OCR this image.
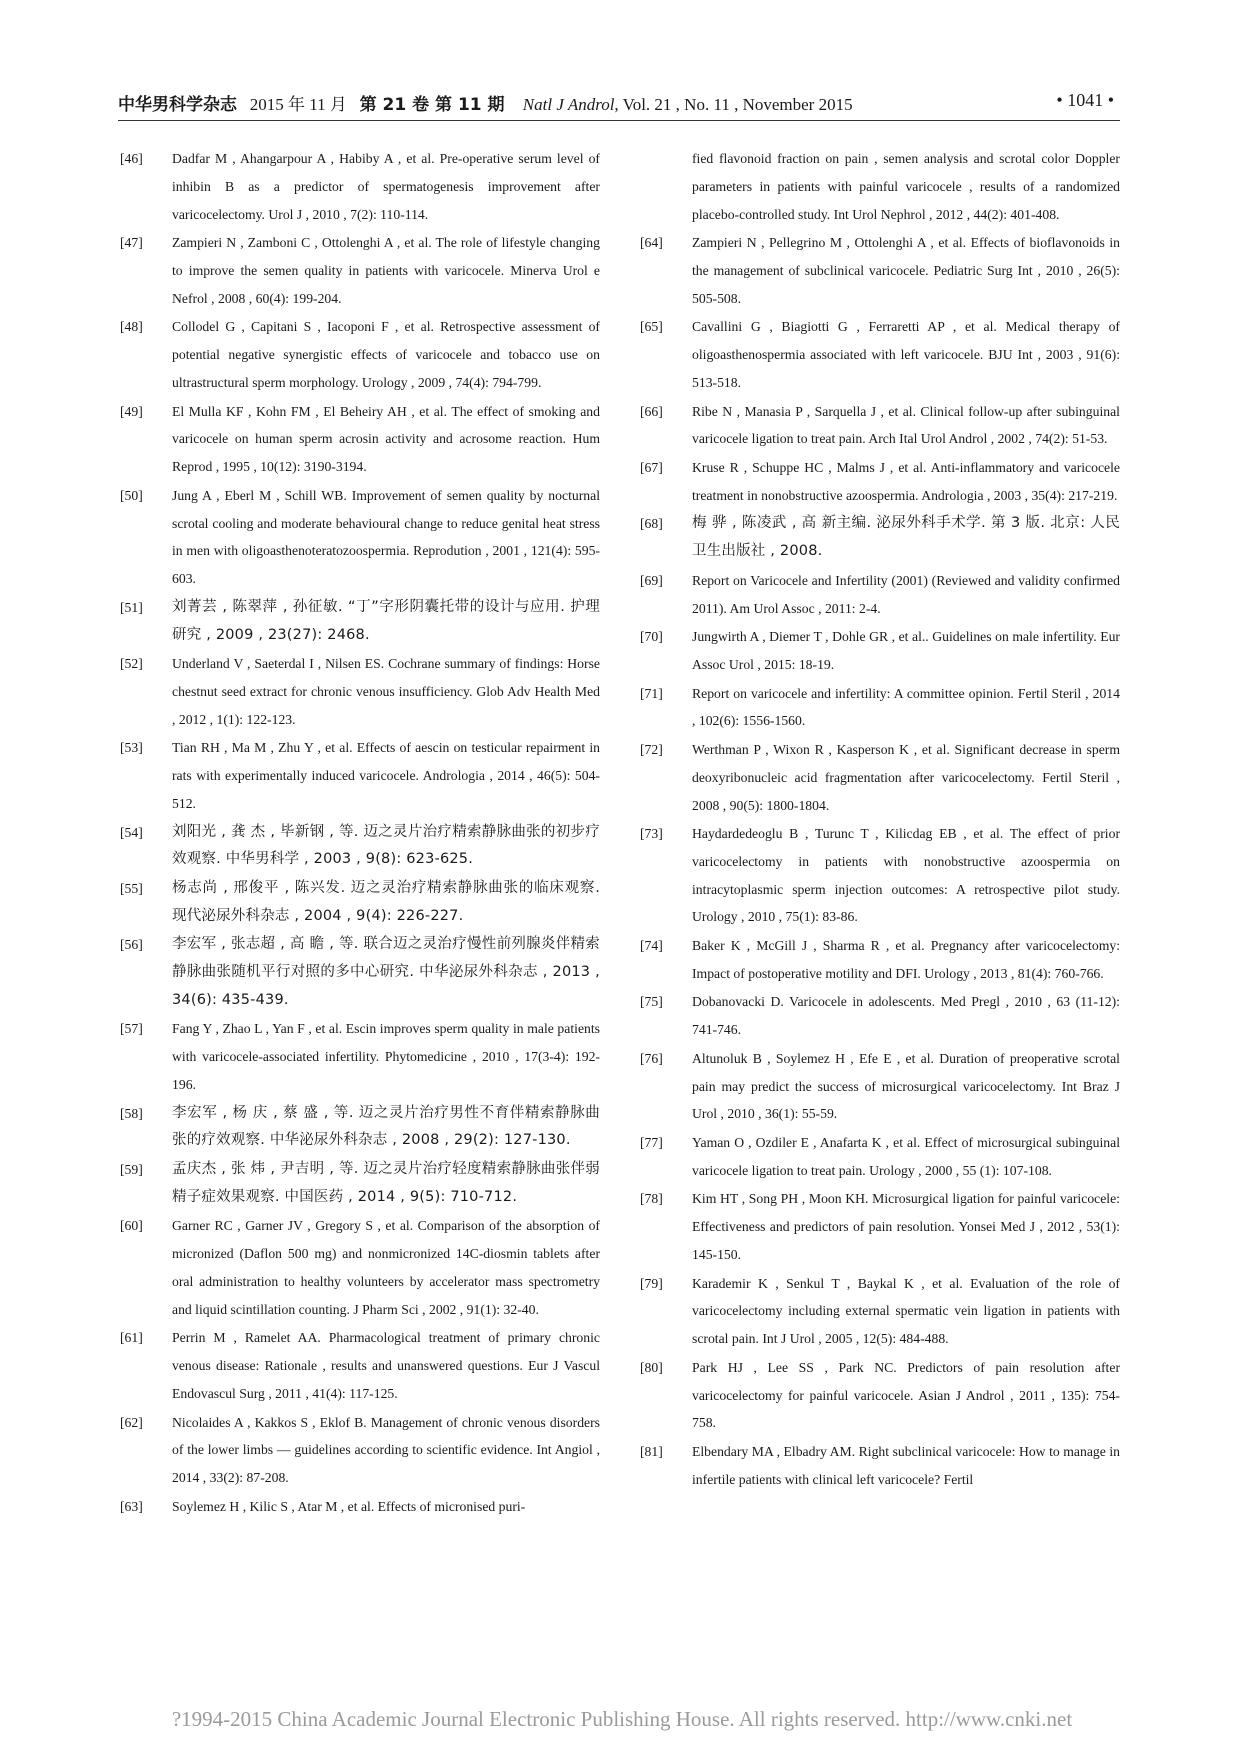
中华男科学杂志 2015 年 11 月 第 21 卷 第 11 期 Natl J Androl, Vol. 21 , No. 11 , November 2015	• 1041 •
[46] Dadfar M , Ahangarpour A , Habiby A , et al. Pre-operative serum level of inhibin B as a predictor of spermatogenesis improvement after varicocelectomy. Urol J , 2010 , 7(2): 110-114.
[47] Zampieri N , Zamboni C , Ottolenghi A , et al. The role of lifestyle changing to improve the semen quality in patients with varicocele. Minerva Urol e Nefrol , 2008 , 60(4): 199-204.
[48] Collodel G , Capitani S , Iacoponi F , et al. Retrospective assessment of potential negative synergistic effects of varicocele and tobacco use on ultrastructural sperm morphology. Urology , 2009 , 74(4): 794-799.
[49] El Mulla KF , Kohn FM , El Beheiry AH , et al. The effect of smoking and varicocele on human sperm acrosin activity and acrosome reaction. Hum Reprod , 1995 , 10(12): 3190-3194.
[50] Jung A , Eberl M , Schill WB. Improvement of semen quality by nocturnal scrotal cooling and moderate behavioural change to reduce genital heat stress in men with oligoasthenoteratozoospermia. Reprodution , 2001 , 121(4): 595-603.
[51] 刘菁芸 , 陈翠萍 , 孙征敏. “丁”字形阴囊托带的设计与应用. 护理研究 , 2009 , 23(27): 2468.
[52] Underland V , Saeterdal I , Nilsen ES. Cochrane summary of findings: Horse chestnut seed extract for chronic venous insufficiency. Glob Adv Health Med , 2012 , 1(1): 122-123.
[53] Tian RH , Ma M , Zhu Y , et al. Effects of aescin on testicular repairment in rats with experimentally induced varicocele. Andrologia , 2014 , 46(5): 504-512.
[54] 刘阳光 , 龚 杰 , 毕新钢 , 等. 迈之灵片治疗精索静脉曲张的初步疗效观察. 中华男科学 , 2003 , 9(8): 623-625.
[55] 杨志尚 , 邢俊平 , 陈兴发. 迈之灵治疗精索静脉曲张的临床观察. 现代泌尿外科杂志 , 2004 , 9(4): 226-227.
[56] 李宏军 , 张志超 , 高 瞻 , 等. 联合迈之灵治疗慢性前列腺炎伴精索静脉曲张随机平行对照的多中心研究. 中华泌尿外科杂志 , 2013 , 34(6): 435-439.
[57] Fang Y , Zhao L , Yan F , et al. Escin improves sperm quality in male patients with varicocele-associated infertility. Phytomedicine , 2010 , 17(3-4): 192-196.
[58] 李宏军 , 杨 庆 , 蔡 盛 , 等. 迈之灵片治疗男性不育伴精索静脉曲张的疗效观察. 中华泌尿外科杂志 , 2008 , 29(2): 127-130.
[59] 孟庆杰 , 张 炜 , 尹吉明 , 等. 迈之灵片治疗轻度精索静脉曲张伴弱精子症效果观察. 中国医药 , 2014 , 9(5): 710-712.
[60] Garner RC , Garner JV , Gregory S , et al. Comparison of the absorption of micronized (Daflon 500 mg) and nonmicronized 14C-diosmin tablets after oral administration to healthy volunteers by accelerator mass spectrometry and liquid scintillation counting. J Pharm Sci , 2002 , 91(1): 32-40.
[61] Perrin M , Ramelet AA. Pharmacological treatment of primary chronic venous disease: Rationale , results and unanswered questions. Eur J Vascul Endovascul Surg , 2011 , 41(4): 117-125.
[62] Nicolaides A , Kakkos S , Eklof B. Management of chronic venous disorders of the lower limbs — guidelines according to scientific evidence. Int Angiol , 2014 , 33(2): 87-208.
[63] Soylemez H , Kilic S , Atar M , et al. Effects of micronised puri-
fied flavonoid fraction on pain , semen analysis and scrotal color Doppler parameters in patients with painful varicocele , results of a randomized placebo-controlled study. Int Urol Nephrol , 2012 , 44(2): 401-408.
[64] Zampieri N , Pellegrino M , Ottolenghi A , et al. Effects of bioflavonoids in the management of subclinical varicocele. Pediatric Surg Int , 2010 , 26(5): 505-508.
[65] Cavallini G , Biagiotti G , Ferraretti AP , et al. Medical therapy of oligoasthenospermia associated with left varicocele. BJU Int , 2003 , 91(6): 513-518.
[66] Ribe N , Manasia P , Sarquella J , et al. Clinical follow-up after subinguinal varicocele ligation to treat pain. Arch Ital Urol Androl , 2002 , 74(2): 51-53.
[67] Kruse R , Schuppe HC , Malms J , et al. Anti-inflammatory and varicocele treatment in nonobstructive azoospermia. Andrologia , 2003 , 35(4): 217-219.
[68] 梅 骅 , 陈凌武 , 高 新主编. 泌尿外科手术学. 第 3 版. 北京: 人民卫生出版社 , 2008.
[69] Report on Varicocele and Infertility (2001) (Reviewed and validity confirmed 2011). Am Urol Assoc , 2011: 2-4.
[70] Jungwirth A , Diemer T , Dohle GR , et al.. Guidelines on male infertility. Eur Assoc Urol , 2015: 18-19.
[71] Report on varicocele and infertility: A committee opinion. Fertil Steril , 2014 , 102(6): 1556-1560.
[72] Werthman P , Wixon R , Kasperson K , et al. Significant decrease in sperm deoxyribonucleic acid fragmentation after varicocelectomy. Fertil Steril , 2008 , 90(5): 1800-1804.
[73] Haydardedeoglu B , Turunc T , Kilicdag EB , et al. The effect of prior varicocelectomy in patients with nonobstructive azoospermia on intracytoplasmic sperm injection outcomes: A retrospective pilot study. Urology , 2010 , 75(1): 83-86.
[74] Baker K , McGill J , Sharma R , et al. Pregnancy after varicocelectomy: Impact of postoperative motility and DFI. Urology , 2013 , 81(4): 760-766.
[75] Dobanovacki D. Varicocele in adolescents. Med Pregl , 2010 , 63 (11-12): 741-746.
[76] Altunoluk B , Soylemez H , Efe E , et al. Duration of preoperative scrotal pain may predict the success of microsurgical varicocelectomy. Int Braz J Urol , 2010 , 36(1): 55-59.
[77] Yaman O , Ozdiler E , Anafarta K , et al. Effect of microsurgical subinguinal varicocele ligation to treat pain. Urology , 2000 , 55 (1): 107-108.
[78] Kim HT , Song PH , Moon KH. Microsurgical ligation for painful varicocele: Effectiveness and predictors of pain resolution. Yonsei Med J , 2012 , 53(1): 145-150.
[79] Karademir K , Senkul T , Baykal K , et al. Evaluation of the role of varicocelectomy including external spermatic vein ligation in patients with scrotal pain. Int J Urol , 2005 , 12(5): 484-488.
[80] Park HJ , Lee SS , Park NC. Predictors of pain resolution after varicocelectomy for painful varicocele. Asian J Androl , 2011 , 135): 754-758.
[81] Elbendary MA , Elbadry AM. Right subclinical varicocele: How to manage in infertile patients with clinical left varicocele? Fertil
?1994-2015 China Academic Journal Electronic Publishing House. All rights reserved. http://www.cnki.net
